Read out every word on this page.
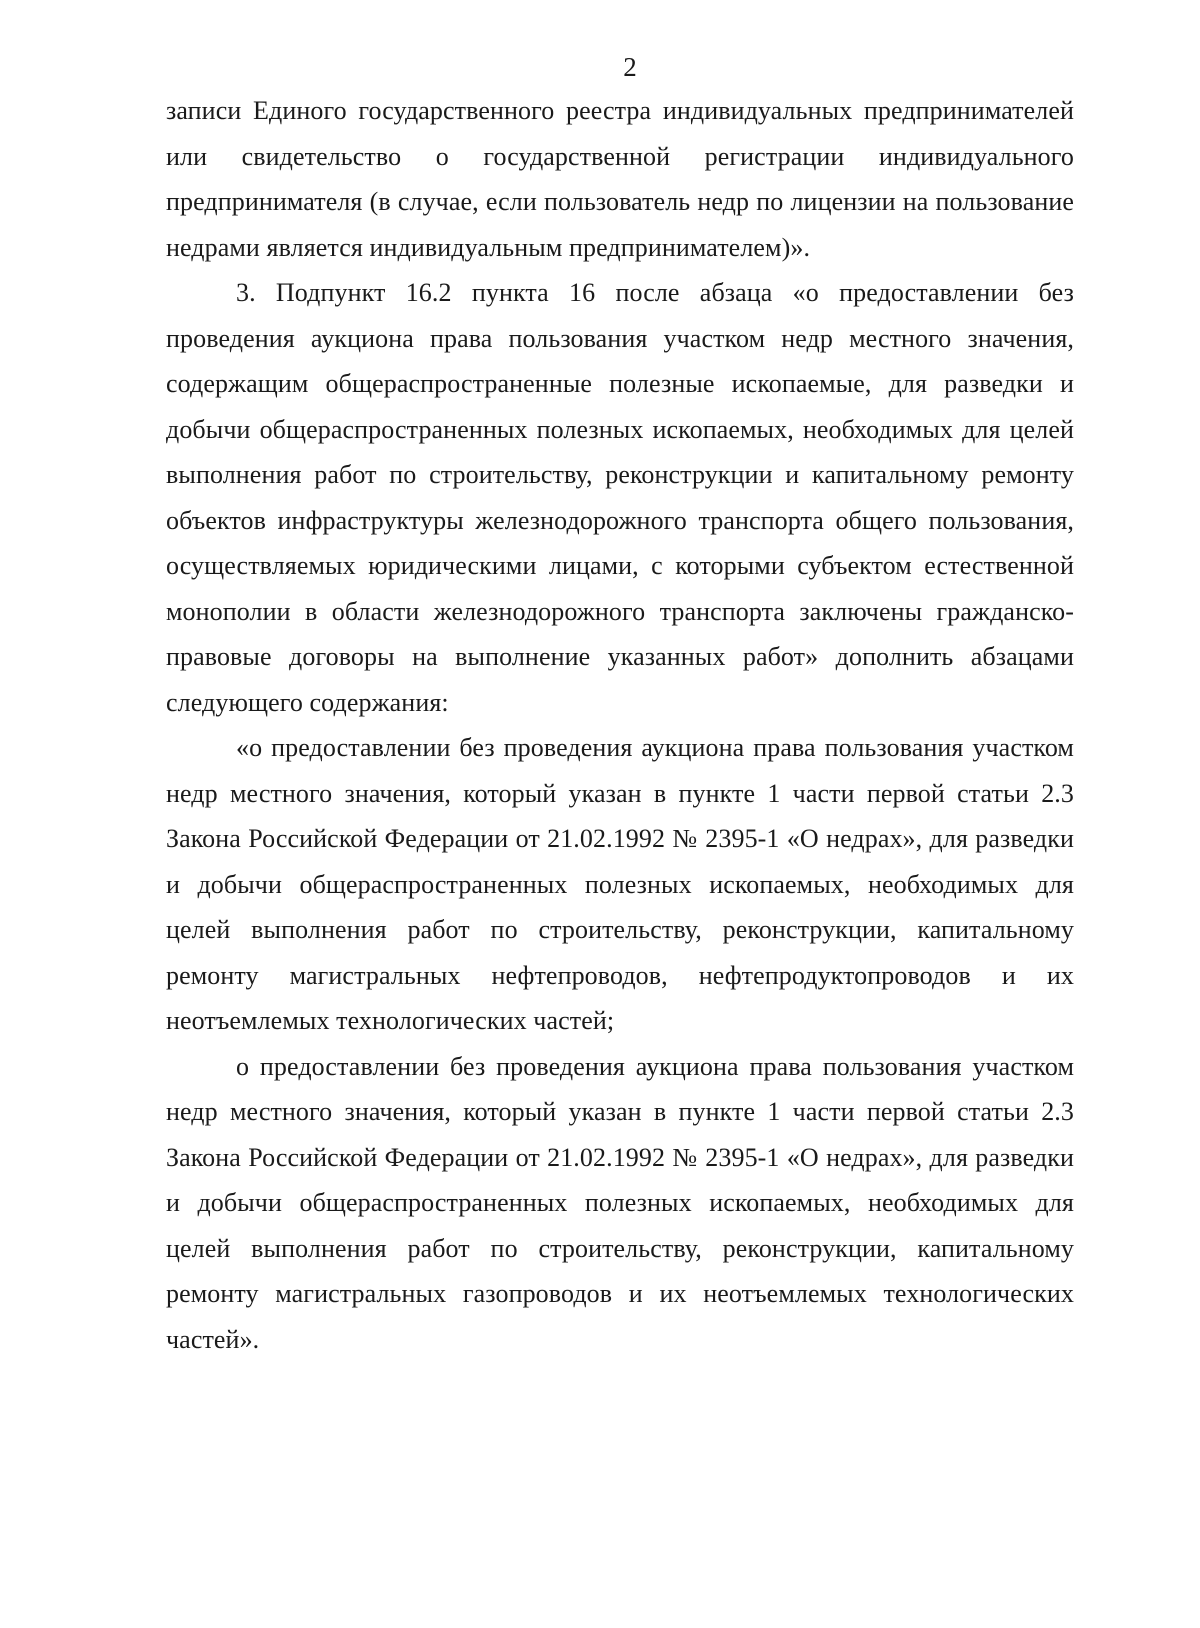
2

записи Единого государственного реестра индивидуальных предпринимателей или свидетельство о государственной регистрации индивидуального предпринимателя (в случае, если пользователь недр по лицензии на пользование недрами является индивидуальным предпринимателем)».

3. Подпункт 16.2 пункта 16 после абзаца «о предоставлении без проведения аукциона права пользования участком недр местного значения, содержащим общераспространенные полезные ископаемые, для разведки и добычи общераспространенных полезных ископаемых, необходимых для целей выполнения работ по строительству, реконструкции и капитальному ремонту объектов инфраструктуры железнодорожного транспорта общего пользования, осуществляемых юридическими лицами, с которыми субъектом естественной монополии в области железнодорожного транспорта заключены гражданско-правовые договоры на выполнение указанных работ» дополнить абзацами следующего содержания:

«о предоставлении без проведения аукциона права пользования участком недр местного значения, который указан в пункте 1 части первой статьи 2.3 Закона Российской Федерации от 21.02.1992 № 2395-1 «О недрах», для разведки и добычи общераспространенных полезных ископаемых, необходимых для целей выполнения работ по строительству, реконструкции, капитальному ремонту магистральных нефтепроводов, нефтепродуктопроводов и их неотъемлемых технологических частей;

о предоставлении без проведения аукциона права пользования участком недр местного значения, который указан в пункте 1 части первой статьи 2.3 Закона Российской Федерации от 21.02.1992 № 2395-1 «О недрах», для разведки и добычи общераспространенных полезных ископаемых, необходимых для целей выполнения работ по строительству, реконструкции, капитальному ремонту магистральных газопроводов и их неотъемлемых технологических частей».
